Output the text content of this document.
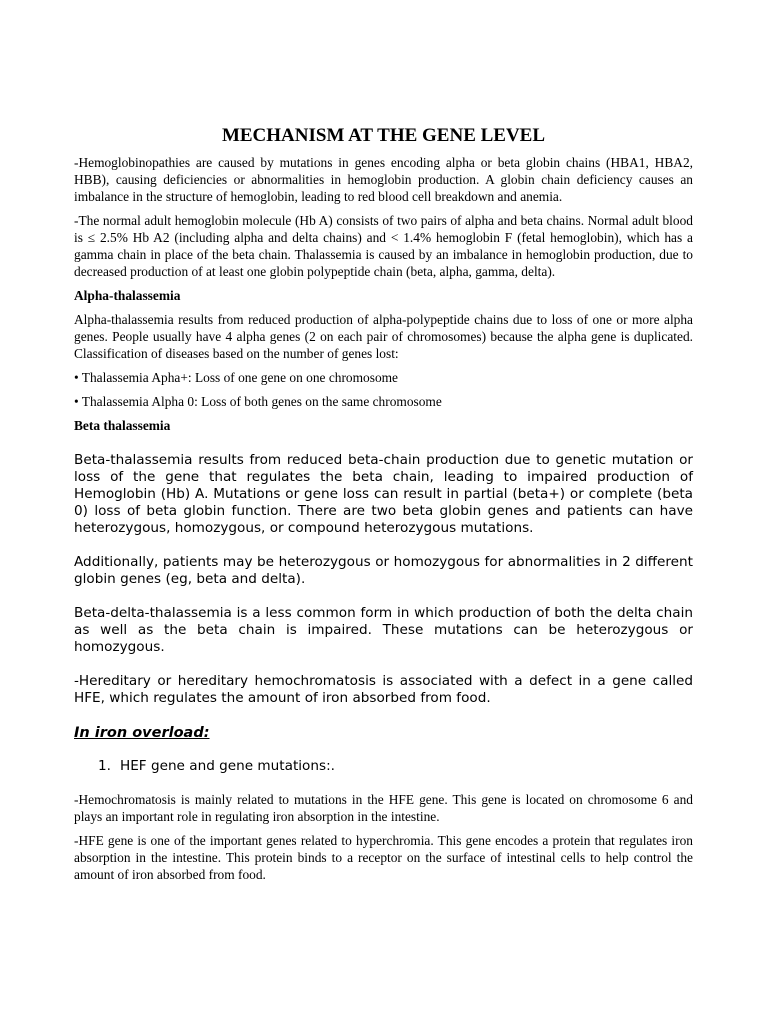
MECHANISM AT THE GENE LEVEL

-Hemoglobinopathies are caused by mutations in genes encoding alpha or beta globin chains (HBA1, HBA2, HBB), causing deficiencies or abnormalities in hemoglobin production. A globin chain deficiency causes an imbalance in the structure of hemoglobin, leading to red blood cell breakdown and anemia.

-The normal adult hemoglobin molecule (Hb A) consists of two pairs of alpha and beta chains. Normal adult blood is ≤ 2.5% Hb A2 (including alpha and delta chains) and < 1.4% hemoglobin F (fetal hemoglobin), which has a gamma chain in place of the beta chain. Thalassemia is caused by an imbalance in hemoglobin production, due to decreased production of at least one globin polypeptide chain (beta, alpha, gamma, delta).

Alpha-thalassemia

Alpha-thalassemia results from reduced production of alpha-polypeptide chains due to loss of one or more alpha genes. People usually have 4 alpha genes (2 on each pair of chromosomes) because the alpha gene is duplicated. Classification of diseases based on the number of genes lost:

• Thalassemia Apha+: Loss of one gene on one chromosome
• Thalassemia Alpha 0: Loss of both genes on the same chromosome
Beta thalassemia

Beta-thalassemia results from reduced beta-chain production due to genetic mutation or loss of the gene that regulates the beta chain, leading to impaired production of Hemoglobin (Hb) A. Mutations or gene loss can result in partial (beta+) or complete (beta 0) loss of beta globin function. There are two beta globin genes and patients can have heterozygous, homozygous, or compound heterozygous mutations.

Additionally, patients may be heterozygous or homozygous for abnormalities in 2 different globin genes (eg, beta and delta).

Beta-delta-thalassemia is a less common form in which production of both the delta chain as well as the beta chain is impaired. These mutations can be heterozygous or homozygous.

-Hereditary or hereditary hemochromatosis is associated with a defect in a gene called HFE, which regulates the amount of iron absorbed from food.

In iron overload:
1. HEF gene and gene mutations:.

-Hemochromatosis is mainly related to mutations in the HFE gene. This gene is located on chromosome 6 and plays an important role in regulating iron absorption in the intestine.

-HFE gene is one of the important genes related to hyperchromia. This gene encodes a protein that regulates iron absorption in the intestine. This protein binds to a receptor on the surface of intestinal cells to help control the amount of iron absorbed from food.
